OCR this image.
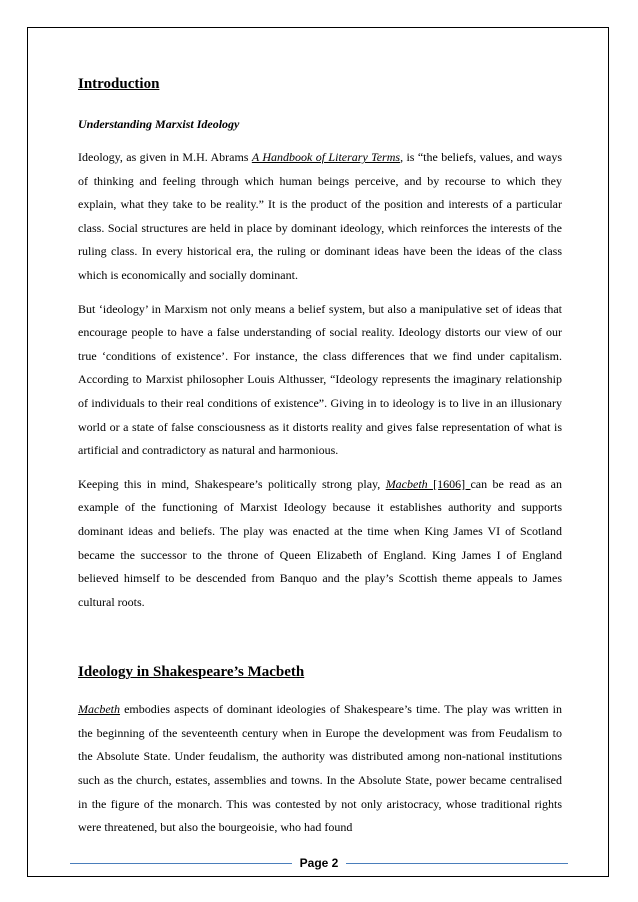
Introduction
Understanding Marxist Ideology

Ideology, as given in M.H. Abrams A Handbook of Literary Terms, is “the beliefs, values, and ways of thinking and feeling through which human beings perceive, and by recourse to which they explain, what they take to be reality.” It is the product of the position and interests of a particular class. Social structures are held in place by dominant ideology, which reinforces the interests of the ruling class. In every historical era, the ruling or dominant ideas have been the ideas of the class which is economically and socially dominant.

But ‘ideology’ in Marxism not only means a belief system, but also a manipulative set of ideas that encourage people to have a false understanding of social reality. Ideology distorts our view of our true ‘conditions of existence’. For instance, the class differences that we find under capitalism. According to Marxist philosopher Louis Althusser, “Ideology represents the imaginary relationship of individuals to their real conditions of existence”. Giving in to ideology is to live in an illusionary world or a state of false consciousness as it distorts reality and gives false representation of what is artificial and contradictory as natural and harmonious.

Keeping this in mind, Shakespeare’s politically strong play, Macbeth [1606] can be read as an example of the functioning of Marxist Ideology because it establishes authority and supports dominant ideas and beliefs. The play was enacted at the time when King James VI of Scotland became the successor to the throne of Queen Elizabeth of England. King James I of England believed himself to be descended from Banquo and the play’s Scottish theme appeals to James cultural roots.

Ideology in Shakespeare’s Macbeth

Macbeth embodies aspects of dominant ideologies of Shakespeare’s time. The play was written in the beginning of the seventeenth century when in Europe the development was from Feudalism to the Absolute State. Under feudalism, the authority was distributed among non-national institutions such as the church, estates, assemblies and towns. In the Absolute State, power became centralised in the figure of the monarch. This was contested by not only aristocracy, whose traditional rights were threatened, but also the bourgeoisie, who had found

Page 2
